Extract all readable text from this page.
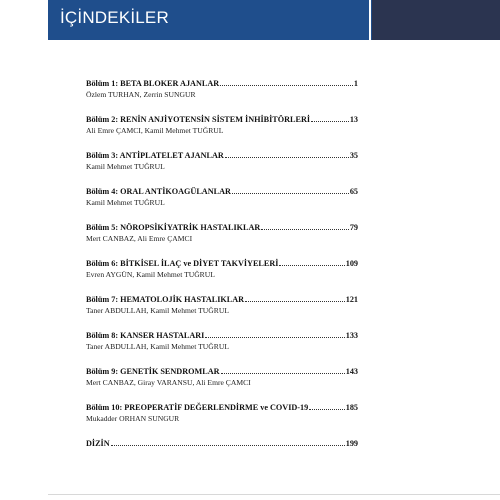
İÇİNDEKİLER
Bölüm 1: BETA BLOKER AJANLAR	1
Özlem TURHAN, Zerrin SUNGUR
Bölüm 2: RENİN ANJİYOTENSİN SİSTEM İNHİBİTÖRLERİ	13
Ali Emre ÇAMCI, Kamil Mehmet TUĞRUL
Bölüm 3: ANTİPLATELET AJANLAR	35
Kamil Mehmet TUĞRUL
Bölüm 4: ORAL ANTİKOAGÜLANLAR	65
Kamil Mehmet TUĞRUL
Bölüm 5: NÖROPSİKİYATRİK HASTALIKLAR	79
Mert CANBAZ, Ali Emre ÇAMCI
Bölüm 6: BİTKİSEL İLAÇ ve DİYET TAKVİYELERİ	109
Evren AYGÜN, Kamil Mehmet TUĞRUL
Bölüm 7: HEMATOLOJİK HASTALIKLAR	121
Taner ABDULLAH, Kamil Mehmet TUĞRUL
Bölüm 8: KANSER HASTALARI	133
Taner ABDULLAH, Kamil Mehmet TUĞRUL
Bölüm 9: GENETİK SENDROMLAR	143
Mert CANBAZ, Giray VARANSU, Ali Emre ÇAMCI
Bölüm 10: PREOPERATİF DEĞERLENDİRME ve COVID-19	185
Mukadder ORHAN SUNGUR
DİZİN	199
